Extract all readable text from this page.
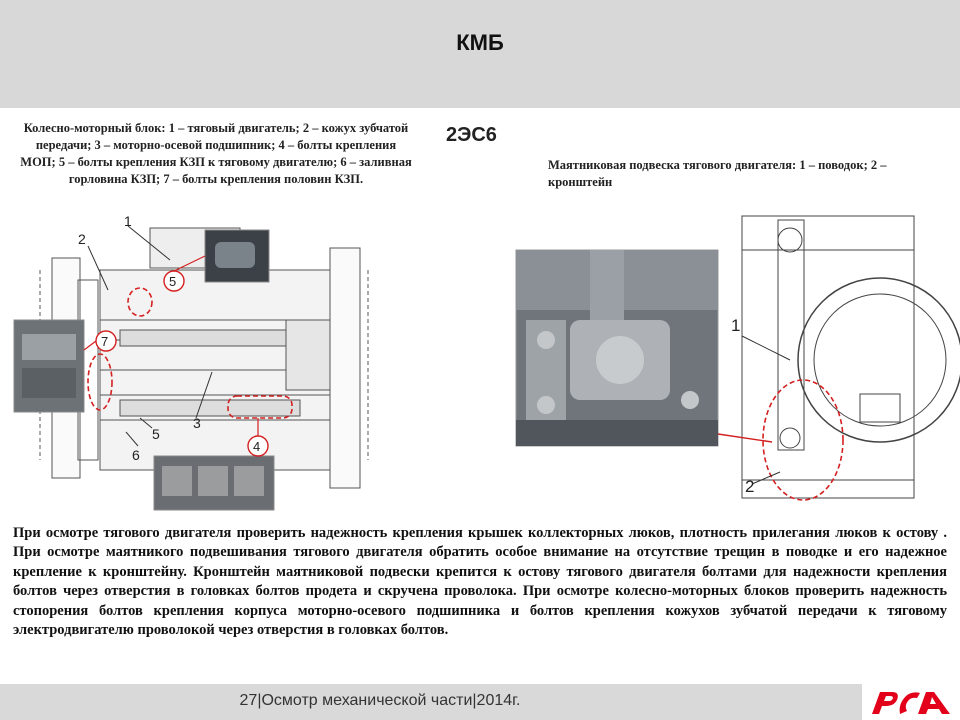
КМБ
Колесно-моторный блок: 1 – тяговый двигатель; 2 – кожух зубчатой передачи; 3 – моторно-осевой подшипник; 4 – болты крепления МОП; 5 – болты крепления КЗП к тяговому двигателю; 6 – заливная горловина КЗП; 7 – болты крепления половин КЗП.
2ЭС6
Маятниковая подвеска тягового двигателя: 1 – поводок; 2 – кронштейн
1
2
3
4
5
5
6
7
1
2
При осмотре тягового двигателя проверить надежность крепления крышек коллекторных люков, плотность прилегания люков к остову . При осмотре маятникого подвешивания тягового двигателя обратить особое внимание на отсутствие трещин в поводке и его надежное крепление к кронштейну. Кронштейн маятниковой подвески крепится к остову тягового двигателя болтами для надежности крепления болтов через отверстия в головках болтов продета и скручена проволока. При осмотре колесно-моторных блоков проверить надежность стопорения болтов крепления корпуса моторно-осевого подшипника и болтов крепления кожухов зубчатой передачи к тяговому электродвигателю проволокой через отверстия в головках болтов.
27|Осмотр механической части|2014г.
